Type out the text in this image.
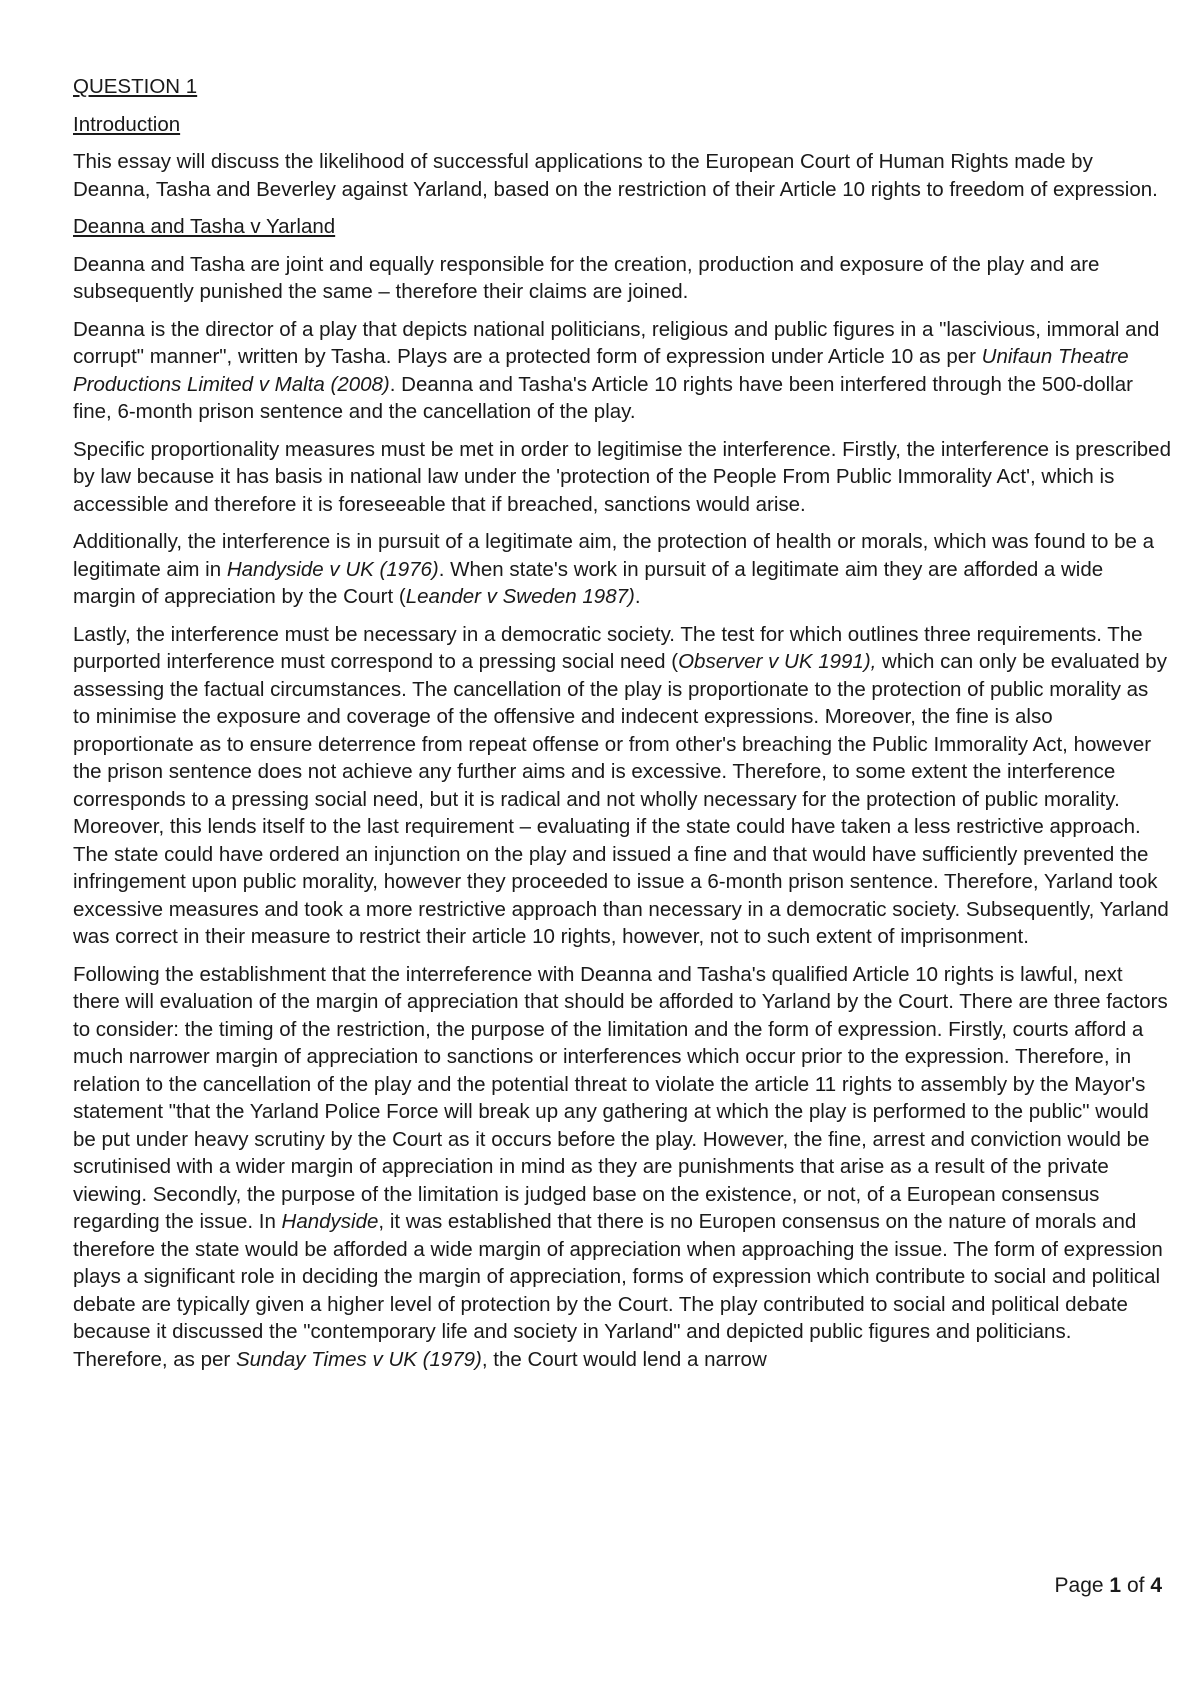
QUESTION 1
Introduction

This essay will discuss the likelihood of successful applications to the European Court of Human Rights made by Deanna, Tasha and Beverley against Yarland, based on the restriction of their Article 10 rights to freedom of expression.

Deanna and Tasha v Yarland

Deanna and Tasha are joint and equally responsible for the creation, production and exposure of the play and are subsequently punished the same – therefore their claims are joined.

Deanna is the director of a play that depicts national politicians, religious and public figures in a "lascivious, immoral and corrupt" manner", written by Tasha. Plays are a protected form of expression under Article 10 as per Unifaun Theatre Productions Limited v Malta (2008). Deanna and Tasha's Article 10 rights have been interfered through the 500-dollar fine, 6-month prison sentence and the cancellation of the play.

Specific proportionality measures must be met in order to legitimise the interference. Firstly, the interference is prescribed by law because it has basis in national law under the 'protection of the People From Public Immorality Act', which is accessible and therefore it is foreseeable that if breached, sanctions would arise.

Additionally, the interference is in pursuit of a legitimate aim, the protection of health or morals, which was found to be a legitimate aim in Handyside v UK (1976). When state's work in pursuit of a legitimate aim they are afforded a wide margin of appreciation by the Court (Leander v Sweden 1987).

Lastly, the interference must be necessary in a democratic society. The test for which outlines three requirements. The purported interference must correspond to a pressing social need (Observer v UK 1991), which can only be evaluated by assessing the factual circumstances. The cancellation of the play is proportionate to the protection of public morality as to minimise the exposure and coverage of the offensive and indecent expressions. Moreover, the fine is also proportionate as to ensure deterrence from repeat offense or from other's breaching the Public Immorality Act, however the prison sentence does not achieve any further aims and is excessive. Therefore, to some extent the interference corresponds to a pressing social need, but it is radical and not wholly necessary for the protection of public morality. Moreover, this lends itself to the last requirement – evaluating if the state could have taken a less restrictive approach. The state could have ordered an injunction on the play and issued a fine and that would have sufficiently prevented the infringement upon public morality, however they proceeded to issue a 6-month prison sentence. Therefore, Yarland took excessive measures and took a more restrictive approach than necessary in a democratic society. Subsequently, Yarland was correct in their measure to restrict their article 10 rights, however, not to such extent of imprisonment.

Following the establishment that the interreference with Deanna and Tasha's qualified Article 10 rights is lawful, next there will evaluation of the margin of appreciation that should be afforded to Yarland by the Court. There are three factors to consider: the timing of the restriction, the purpose of the limitation and the form of expression. Firstly, courts afford a much narrower margin of appreciation to sanctions or interferences which occur prior to the expression. Therefore, in relation to the cancellation of the play and the potential threat to violate the article 11 rights to assembly by the Mayor's statement "that the Yarland Police Force will break up any gathering at which the play is performed to the public" would be put under heavy scrutiny by the Court as it occurs before the play. However, the fine, arrest and conviction would be scrutinised with a wider margin of appreciation in mind as they are punishments that arise as a result of the private viewing. Secondly, the purpose of the limitation is judged base on the existence, or not, of a European consensus regarding the issue. In Handyside, it was established that there is no Europen consensus on the nature of morals and therefore the state would be afforded a wide margin of appreciation when approaching the issue. The form of expression plays a significant role in deciding the margin of appreciation, forms of expression which contribute to social and political debate are typically given a higher level of protection by the Court. The play contributed to social and political debate because it discussed the "contemporary life and society in Yarland" and depicted public figures and politicians. Therefore, as per Sunday Times v UK (1979), the Court would lend a narrow

Page 1 of 4
